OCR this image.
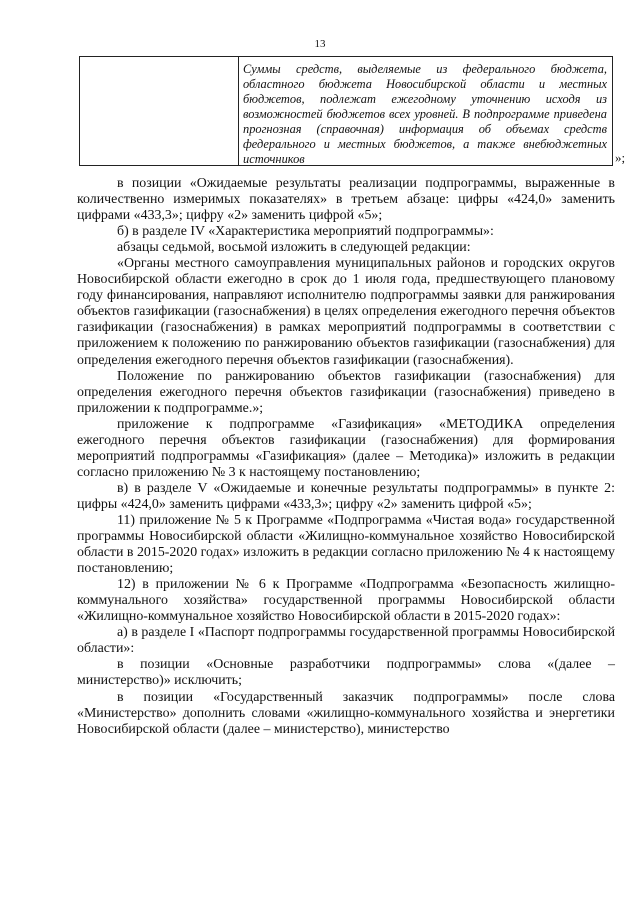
13
Суммы средств, выделяемые из федерального бюджета, областного бюджета Новосибирской области и местных бюджетов, подлежат ежегодному уточнению исходя из возможностей бюджетов всех уровней. В подпрограмме приведена прогнозная (справочная) информация об объемах средств федерального и местных бюджетов, а также внебюджетных источников	»;

в позиции «Ожидаемые результаты реализации подпрограммы, выраженные в количественно измеримых показателях» в третьем абзаце: цифры «424,0» заменить цифрами «433,3»; цифру «2» заменить цифрой «5»;

б) в разделе IV «Характеристика мероприятий подпрограммы»:

абзацы седьмой, восьмой изложить в следующей редакции:

«Органы местного самоуправления муниципальных районов и городских округов Новосибирской области ежегодно в срок до 1 июля года, предшествующего плановому году финансирования, направляют исполнителю подпрограммы заявки для ранжирования объектов газификации (газоснабжения) в целях определения ежегодного перечня объектов газификации (газоснабжения) в рамках мероприятий подпрограммы в соответствии с приложением к положению по ранжированию объектов газификации (газоснабжения) для определения ежегодного перечня объектов газификации (газоснабжения).

Положение по ранжированию объектов газификации (газоснабжения) для определения ежегодного перечня объектов газификации (газоснабжения) приведено в приложении к подпрограмме.»;

приложение к подпрограмме «Газификация» «МЕТОДИКА определения ежегодного перечня объектов газификации (газоснабжения) для формирования мероприятий подпрограммы «Газификация» (далее – Методика)» изложить в редакции согласно приложению № 3 к настоящему постановлению;

в) в разделе V «Ожидаемые и конечные результаты подпрограммы» в пункте 2: цифры «424,0» заменить цифрами «433,3»; цифру «2» заменить цифрой «5»;

11) приложение № 5 к Программе «Подпрограмма «Чистая вода» государственной программы Новосибирской области «Жилищно-коммунальное хозяйство Новосибирской области в 2015-2020 годах» изложить в редакции согласно приложению № 4 к настоящему постановлению;

12) в приложении № 6 к Программе «Подпрограмма «Безопасность жилищно-коммунального хозяйства» государственной программы Новосибирской области «Жилищно-коммунальное хозяйство Новосибирской области в 2015-2020 годах»:

а) в разделе I «Паспорт подпрограммы государственной программы Новосибирской области»:

в позиции «Основные разработчики подпрограммы» слова «(далее – министерство)» исключить;

в позиции «Государственный заказчик подпрограммы» после слова «Министерство» дополнить словами «жилищно-коммунального хозяйства и энергетики Новосибирской области (далее – министерство), министерство
